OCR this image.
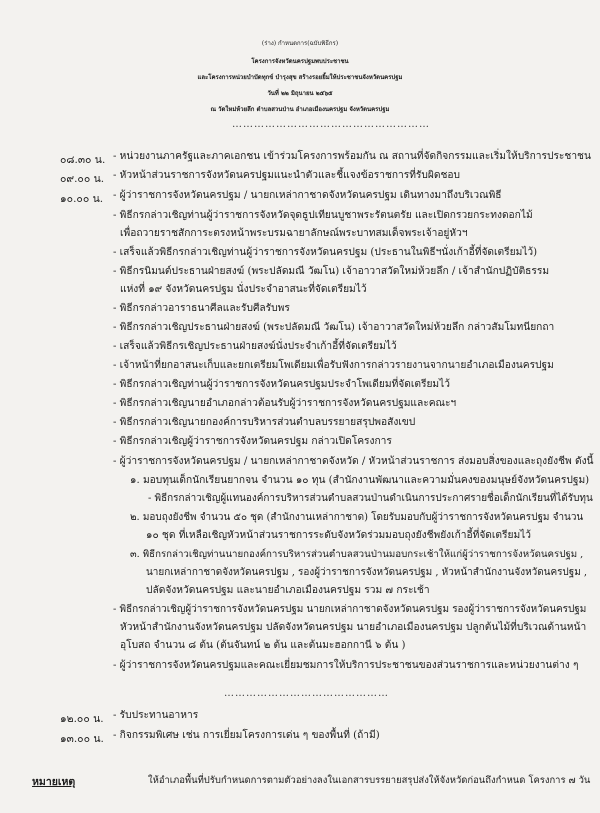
(ร่าง) กำหนดการ(ฉบับพิธีกร)
โครงการจังหวัดนครปฐมพบประชาชน
และโครงการหน่วยบำบัดทุกข์ บำรุงสุข สร้างรอยยิ้มให้ประชาชนจังหวัดนครปฐม
วันที่ ๒๒ มิถุนายน ๒๕๖๕
ณ วัดใหม่ห้วยลึก ตำบลสวนป่าน อำเภอเมืองนครปฐม จังหวัดนครปฐม
………………………………………………
๐๘.๓๐ น.
๐๙.๐๐ น.
๑๐.๐๐ น.
๑๒.๐๐ น.
๑๓.๐๐ น.
- หน่วยงานภาครัฐและภาคเอกชน เข้าร่วมโครงการพร้อมกัน ณ สถานที่จัดกิจกรรมและเริ่มให้บริการประชาชน
- หัวหน้าส่วนราชการจังหวัดนครปฐมแนะนำตัวและชี้แจงข้อราชการที่รับผิดชอบ
- ผู้ว่าราชการจังหวัดนครปฐม / นายกเหล่ากาชาดจังหวัดนครปฐม เดินทางมาถึงบริเวณพิธี
- พิธีกรกล่าวเชิญท่านผู้ว่าราชการจังหวัดจุดธูปเทียนบูชาพระรัตนตรัย และเปิดกรวยกระทงดอกไม้
เพื่อถวายราชสักการะตรงหน้าพระบรมฉายาลักษณ์พระบาทสมเด็จพระเจ้าอยู่หัวฯ
- เสร็จแล้วพิธีกรกล่าวเชิญท่านผู้ว่าราชการจังหวัดนครปฐม (ประธานในพิธีฯนั่งเก้าอี้ที่จัดเตรียมไว้)
- พิธีกรนิมนต์ประธานฝ่ายสงฆ์ (พระปลัดมณี วัฒโน) เจ้าอาวาสวัดใหม่ห้วยลึก / เจ้าสำนักปฏิบัติธรรม
แห่งที่ ๑๙ จังหวัดนครปฐม นั่งประจำอาสนะที่จัดเตรียมไว้
- พิธีกรกล่าวอาราธนาศีลและรับศีลรับพร
- พิธีกรกล่าวเชิญประธานฝ่ายสงฆ์ (พระปลัดมณี วัฒโน) เจ้าอาวาสวัดใหม่ห้วยลึก กล่าวสัมโมทนียกถา
- เสร็จแล้วพิธีกรเชิญประธานฝ่ายสงฆ์นั่งประจำเก้าอี้ที่จัดเตรียมไว้
- เจ้าหน้าที่ยกอาสนะเก็บและยกเตรียมโพเดียมเพื่อรับฟังการกล่าวรายงานจากนายอำเภอเมืองนครปฐม
- พิธีกรกล่าวเชิญท่านผู้ว่าราชการจังหวัดนครปฐมประจำโพเดียมที่จัดเตรียมไว้
- พิธีกรกล่าวเชิญนายอำเภอกล่าวต้อนรับผู้ว่าราชการจังหวัดนครปฐมและคณะฯ
- พิธีกรกล่าวเชิญนายกองค์การบริหารส่วนตำบลบรรยายสรุปพอสังเขป
- พิธีกรกล่าวเชิญผู้ว่าราชการจังหวัดนครปฐม กล่าวเปิดโครงการ
- ผู้ว่าราชการจังหวัดนครปฐม / นายกเหล่ากาชาดจังหวัด / หัวหน้าส่วนราชการ ส่งมอบสิ่งของและถุงยังชีพ ดังนี้
๑. มอบทุนเด็กนักเรียนยากจน จำนวน ๑๐ ทุน (สำนักงานพัฒนาและความมั่นคงของมนุษย์จังหวัดนครปฐม)
- พิธีกรกล่าวเชิญผู้แทนองค์การบริหารส่วนตำบลสวนป่านดำเนินการประกาศรายชื่อเด็กนักเรียนที่ได้รับทุน
๒. มอบถุงยังชีพ จำนวน ๕๐ ชุด (สำนักงานเหล่ากาชาด) โดยรับมอบกับผู้ว่าราชการจังหวัดนครปฐม จำนวน
๑๐ ชุด ที่เหลือเชิญหัวหน้าส่วนราชการระดับจังหวัดร่วมมอบถุงยังชีพยังเก้าอี้ที่จัดเตรียมไว้
๓. พิธีกรกล่าวเชิญท่านนายกองค์การบริหารส่วนตำบลสวนป่านมอบกระเช้าให้แก่ผู้ว่าราชการจังหวัดนครปฐม ,
นายกเหล่ากาชาดจังหวัดนครปฐม , รองผู้ว่าราชการจังหวัดนครปฐม , หัวหน้าสำนักงานจังหวัดนครปฐม ,
ปลัดจังหวัดนครปฐม และนายอำเภอเมืองนครปฐม รวม ๗ กระเช้า
- พิธีกรกล่าวเชิญผู้ว่าราชการจังหวัดนครปฐม นายกเหล่ากาชาดจังหวัดนครปฐม รองผู้ว่าราชการจังหวัดนครปฐม
หัวหน้าสำนักงานจังหวัดนครปฐม ปลัดจังหวัดนครปฐม นายอำเภอเมืองนครปฐม ปลูกต้นไม้ที่บริเวณด้านหน้า
อุโบสถ จำนวน ๘ ต้น (ต้นจันทน์ ๒ ต้น และต้นมะฮอกกานี ๖ ต้น )
- ผู้ว่าราชการจังหวัดนครปฐมและคณะเยี่ยมชมการให้บริการประชาชนของส่วนราชการและหน่วยงานต่าง ๆ
- รับประทานอาหาร
- กิจกรรมพิเศษ เช่น การเยี่ยมโครงการเด่น ๆ ของพื้นที่ (ถ้ามี)
………………………………………
หมายเหตุ	ให้อำเภอพื้นที่ปรับกำหนดการตามตัวอย่างลงในเอกสารบรรยายสรุปส่งให้จังหวัดก่อนถึงกำหนด โครงการ ๗ วัน
